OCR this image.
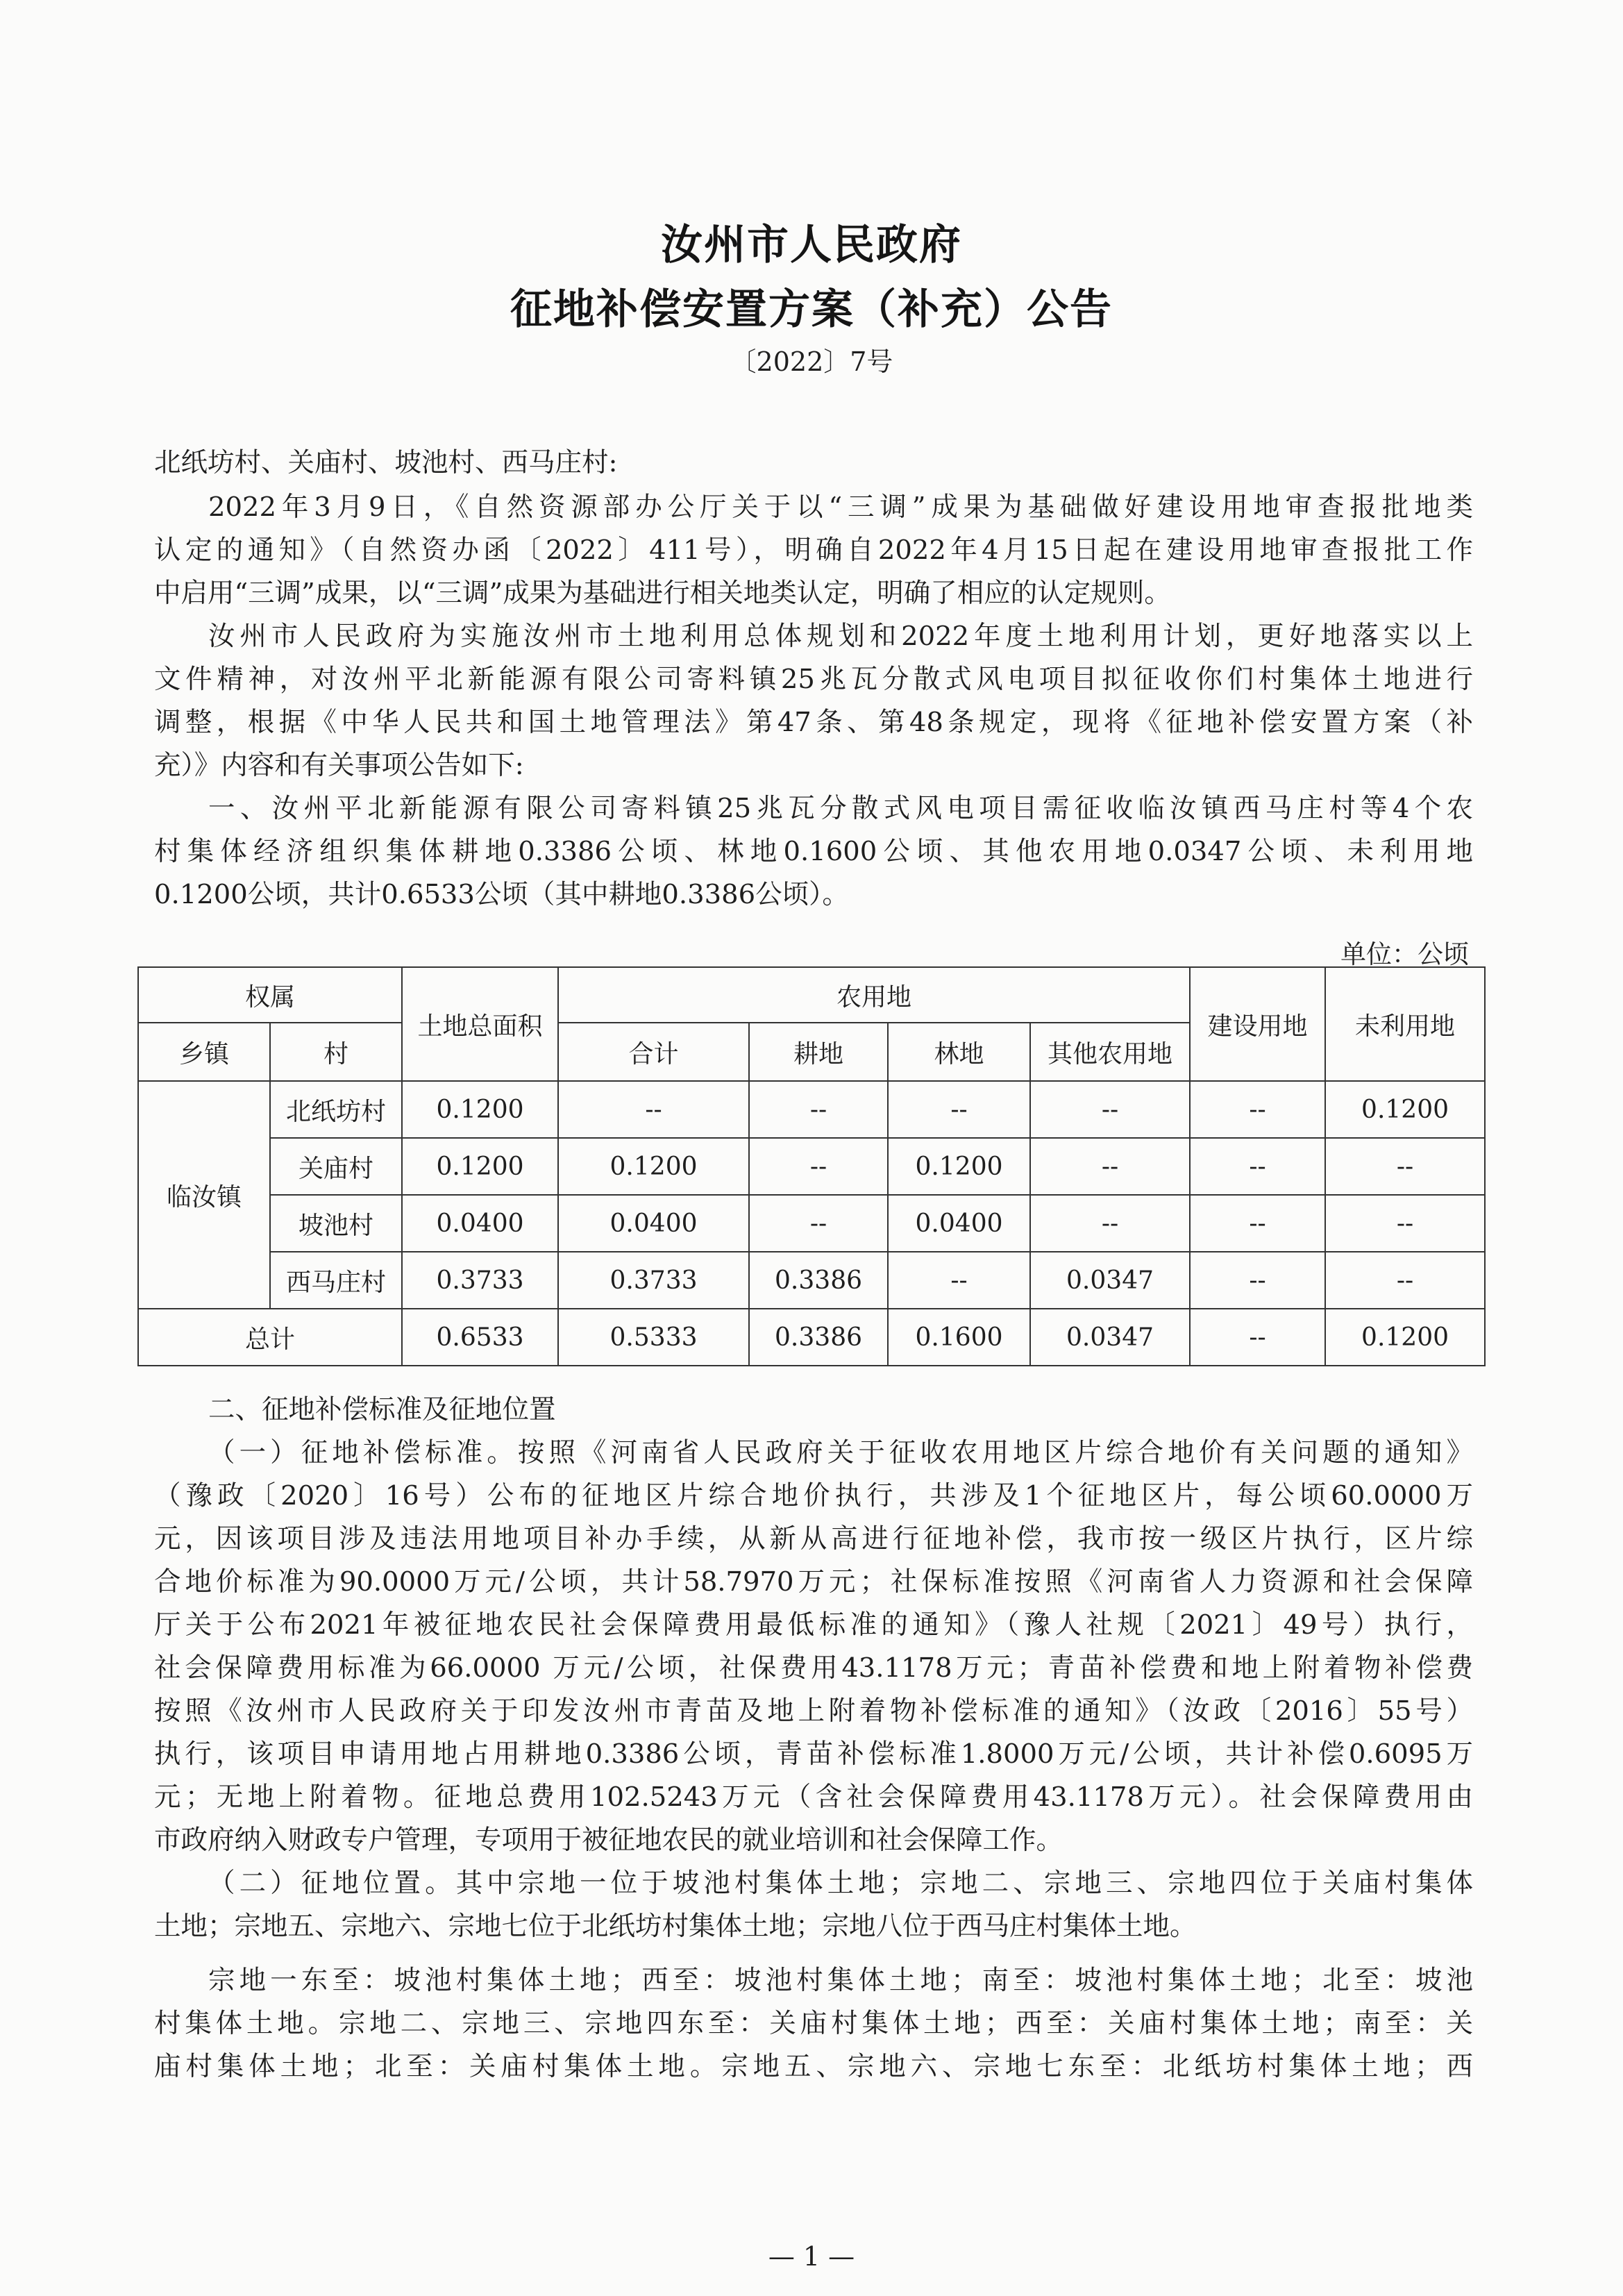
汝州市人民政府
征地补偿安置方案（补充）公告
〔2022〕7号
北纸坊村、关庙村、坡池村、西马庄村:
2022年3月9日，《自然资源部办公厅关于以“三调”成果为基础做好建设用地审查报批地类
认定的通知》（自然资办函〔2022〕411号），明确自2022年4月15日起在建设用地审查报批工作
中启用“三调”成果，以“三调”成果为基础进行相关地类认定，明确了相应的认定规则。
汝州市人民政府为实施汝州市土地利用总体规划和2022年度土地利用计划，更好地落实以上
文件精神，对汝州平北新能源有限公司寄料镇25兆瓦分散式风电项目拟征收你们村集体土地进行
调整，根据《中华人民共和国土地管理法》第47条、第48条规定，现将《征地补偿安置方案（补
充）》内容和有关事项公告如下:
一、汝州平北新能源有限公司寄料镇25兆瓦分散式风电项目需征收临汝镇西马庄村等4个农
村集体经济组织集体耕地0.3386公顷、林地0.1600公顷、其他农用地0.0347公顷、未利用地
0.1200公顷，共计0.6533公顷（其中耕地0.3386公顷）。
单位：公顷
权属		土地总面积	农用地				建设用地	未利用地
乡镇	村		合计	耕地	林地	其他农用地		
临汝镇	北纸坊村	0.1200	--	--	--	--	--	0.1200
	关庙村	0.1200	0.1200	--	0.1200	--	--	--
	坡池村	0.0400	0.0400	--	0.0400	--	--	--
	西马庄村	0.3733	0.3733	0.3386	--	0.0347	--	--
总计		0.6533	0.5333	0.3386	0.1600	0.0347	--	0.1200
二、征地补偿标准及征地位置
（一）征地补偿标准。按照《河南省人民政府关于征收农用地区片综合地价有关问题的通知》
（豫政〔2020〕16号）公布的征地区片综合地价执行，共涉及1个征地区片，每公顷60.0000万
元，因该项目涉及违法用地项目补办手续，从新从高进行征地补偿，我市按一级区片执行，区片综
合地价标准为90.0000万元/公顷，共计58.7970万元；社保标准按照《河南省人力资源和社会保障
厅关于公布2021年被征地农民社会保障费用最低标准的通知》（豫人社规〔2021〕49号）执行，
社会保障费用标准为66.0000 万元/公顷，社保费用43.1178万元；青苗补偿费和地上附着物补偿费
按照《汝州市人民政府关于印发汝州市青苗及地上附着物补偿标准的通知》（汝政〔2016〕55号）
执行，该项目申请用地占用耕地0.3386公顷，青苗补偿标准1.8000万元/公顷，共计补偿0.6095万
元；无地上附着物。征地总费用102.5243万元（含社会保障费用43.1178万元）。社会保障费用由
市政府纳入财政专户管理，专项用于被征地农民的就业培训和社会保障工作。
（二）征地位置。其中宗地一位于坡池村集体土地；宗地二、宗地三、宗地四位于关庙村集体
土地；宗地五、宗地六、宗地七位于北纸坊村集体土地；宗地八位于西马庄村集体土地。
宗地一东至：坡池村集体土地；西至：坡池村集体土地；南至：坡池村集体土地；北至：坡池
村集体土地。宗地二、宗地三、宗地四东至：关庙村集体土地；西至：关庙村集体土地；南至：关
庙村集体土地；北至：关庙村集体土地。宗地五、宗地六、宗地七东至：北纸坊村集体土地；西
— 1 —
